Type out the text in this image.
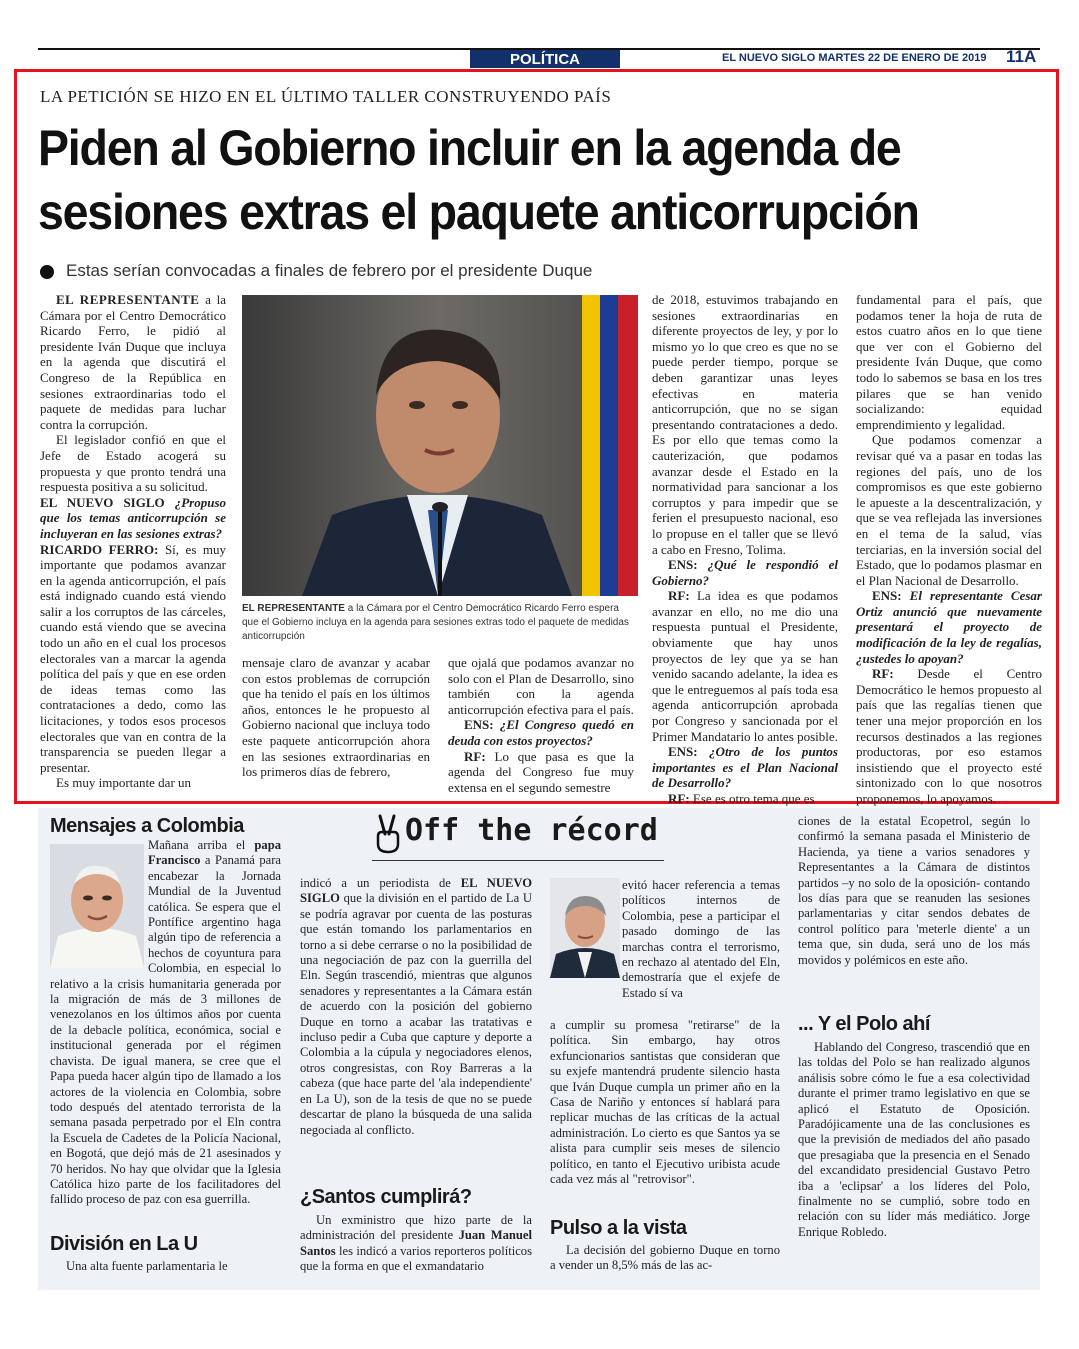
POLÍTICA	EL NUEVO SIGLO MARTES 22 DE ENERO DE 2019 11A
LA PETICIÓN SE HIZO EN EL ÚLTIMO TALLER CONSTRUYENDO PAÍS
Piden al Gobierno incluir en la agenda de
sesiones extras el paquete anticorrupción
Estas serían convocadas a finales de febrero por el presidente Duque

EL REPRESENTANTE a la Cámara por el Centro Democrático Ricardo Ferro, le pidió al presidente Iván Duque que incluya en la agenda que discutirá el Congreso de la República en sesiones extraordinarias todo el paquete de medidas para luchar contra la corrupción.

El legislador confió en que el Jefe de Estado acogerá su propuesta y que pronto tendrá una respuesta positiva a su solicitud.

EL NUEVO SIGLO ¿Propuso que los temas anticorrupción se incluyeran en las sesiones extras?

RICARDO FERRO: Sí, es muy importante que podamos avanzar en la agenda anticorrupción, el país está indignado cuando está viendo salir a los corruptos de las cárceles, cuando está viendo que se avecina todo un año en el cual los procesos electorales van a marcar la agenda política del país y que en ese orden de ideas temas como las contrataciones a dedo, como las licitaciones, y todos esos procesos electorales que van en contra de la transparencia se pueden llegar a presentar.

Es muy importante dar un

EL REPRESENTANTE a la Cámara por el Centro Democrático Ricardo Ferro espera que el Gobierno incluya en la agenda para sesiones extras todo el paquete de medidas anticorrupción

mensaje claro de avanzar y acabar con estos problemas de corrupción que ha tenido el país en los últimos años, entonces le he propuesto al Gobierno nacional que incluya todo este paquete anticorrupción ahora en las sesiones extraordinarias en los primeros días de febrero,

que ojalá que podamos avanzar no solo con el Plan de Desarrollo, sino también con la agenda anticorrupción efectiva para el país.

ENS: ¿El Congreso quedó en deuda con estos proyectos?

RF: Lo que pasa es que la agenda del Congreso fue muy extensa en el segundo semestre

de 2018, estuvimos trabajando en sesiones extraordinarias en diferente proyectos de ley, y por lo mismo yo lo que creo es que no se puede perder tiempo, porque se deben garantizar unas leyes efectivas en materia anticorrupción, que no se sigan presentando contrataciones a dedo. Es por ello que temas como la cauterización, que podamos avanzar desde el Estado en la normatividad para sancionar a los corruptos y para impedir que se ferien el presupuesto nacional, eso lo propuse en el taller que se llevó a cabo en Fresno, Tolima.

ENS: ¿Qué le respondió el Gobierno?

RF: La idea es que podamos avanzar en ello, no me dio una respuesta puntual el Presidente, obviamente que hay unos proyectos de ley que ya se han venido sacando adelante, la idea es que le entreguemos al país toda esa agenda anticorrupción aprobada por Congreso y sancionada por el Primer Mandatario lo antes posible.

ENS: ¿Otro de los puntos importantes es el Plan Nacional de Desarrollo?

RF: Ese es otro tema que es

fundamental para el país, que podamos tener la hoja de ruta de estos cuatro años en lo que tiene que ver con el Gobierno del presidente Iván Duque, que como todo lo sabemos se basa en los tres pilares que se han venido socializando: equidad emprendimiento y legalidad.

Que podamos comenzar a revisar qué va a pasar en todas las regiones del país, uno de los compromisos es que este gobierno le apueste a la descentralización, y que se vea reflejada las inversiones en el tema de la salud, vías terciarias, en la inversión social del Estado, que lo podamos plasmar en el Plan Nacional de Desarrollo.

ENS: El representante Cesar Ortiz anunció que nuevamente presentará el proyecto de modificación de la ley de regalías, ¿ustedes lo apoyan?

RF: Desde el Centro Democrático le hemos propuesto al país que las regalías tienen que tener una mejor proporción en los recursos destinados a las regiones productoras, por eso estamos insistiendo que el proyecto esté sintonizado con lo que nosotros proponemos, lo apoyamos.

Off the récord
Mensajes a Colombia

Mañana arriba el papa Francisco a Panamá para encabezar la Jornada Mundial de la Juventud católica. Se espera que el Pontífice argentino haga algún tipo de referencia a hechos de coyuntura para Colombia, en especial lo relativo a la crisis humanitaria generada por la migración de más de 3 millones de venezolanos en los últimos años por cuenta de la debacle política, económica, social e institucional generada por el régimen chavista. De igual manera, se cree que el Papa pueda hacer algún tipo de llamado a los actores de la violencia en Colombia, sobre todo después del atentado terrorista de la semana pasada perpetrado por el Eln contra la Escuela de Cadetes de la Policía Nacional, en Bogotá, que dejó más de 21 asesinados y 70 heridos. No hay que olvidar que la Iglesia Católica hizo parte de los facilitadores del fallido proceso de paz con esa guerrilla.

División en La U

Una alta fuente parlamentaria le

indicó a un periodista de EL NUEVO SIGLO que la división en el partido de La U se podría agravar por cuenta de las posturas que están tomando los parlamentarios en torno a si debe cerrarse o no la posibilidad de una negociación de paz con la guerrilla del Eln. Según trascendió, mientras que algunos senadores y representantes a la Cámara están de acuerdo con la posición del gobierno Duque en torno a acabar las tratativas e incluso pedir a Cuba que capture y deporte a Colombia a la cúpula y negociadores elenos, otros congresistas, con Roy Barreras a la cabeza (que hace parte del 'ala independiente' en La U), son de la tesis de que no se puede descartar de plano la búsqueda de una salida negociada al conflicto.

¿Santos cumplirá?

Un exministro que hizo parte de la administración del presidente Juan Manuel Santos les indicó a varios reporteros políticos que la forma en que el exmandatario

evitó hacer referencia a temas políticos internos de Colombia, pese a participar el pasado domingo de las marchas contra el terrorismo, en rechazo al atentado del Eln, demostraría que el exjefe de Estado sí va

a cumplir su promesa "retirarse" de la política. Sin embargo, hay otros exfuncionarios santistas que consideran que su exjefe mantendrá prudente silencio hasta que Iván Duque cumpla un primer año en la Casa de Nariño y entonces sí hablará para replicar muchas de las críticas de la actual administración. Lo cierto es que Santos ya se alista para cumplir seis meses de silencio político, en tanto el Ejecutivo uribista acude cada vez más al "retrovisor".

Pulso a la vista

La decisión del gobierno Duque en torno a vender un 8,5% más de las ac-

ciones de la estatal Ecopetrol, según lo confirmó la semana pasada el Ministerio de Hacienda, ya tiene a varios senadores y Representantes a la Cámara de distintos partidos –y no solo de la oposición- contando los días para que se reanuden las sesiones parlamentarias y citar sendos debates de control político para 'meterle diente' a un tema que, sin duda, será uno de los más movidos y polémicos en este año.

... Y el Polo ahí

Hablando del Congreso, trascendió que en las toldas del Polo se han realizado algunos análisis sobre cómo le fue a esa colectividad durante el primer tramo legislativo en que se aplicó el Estatuto de Oposición. Paradójicamente una de las conclusiones es que la previsión de mediados del año pasado que presagiaba que la presencia en el Senado del excandidato presidencial Gustavo Petro iba a 'eclipsar' a los líderes del Polo, finalmente no se cumplió, sobre todo en relación con su líder más mediático. Jorge Enrique Robledo.
